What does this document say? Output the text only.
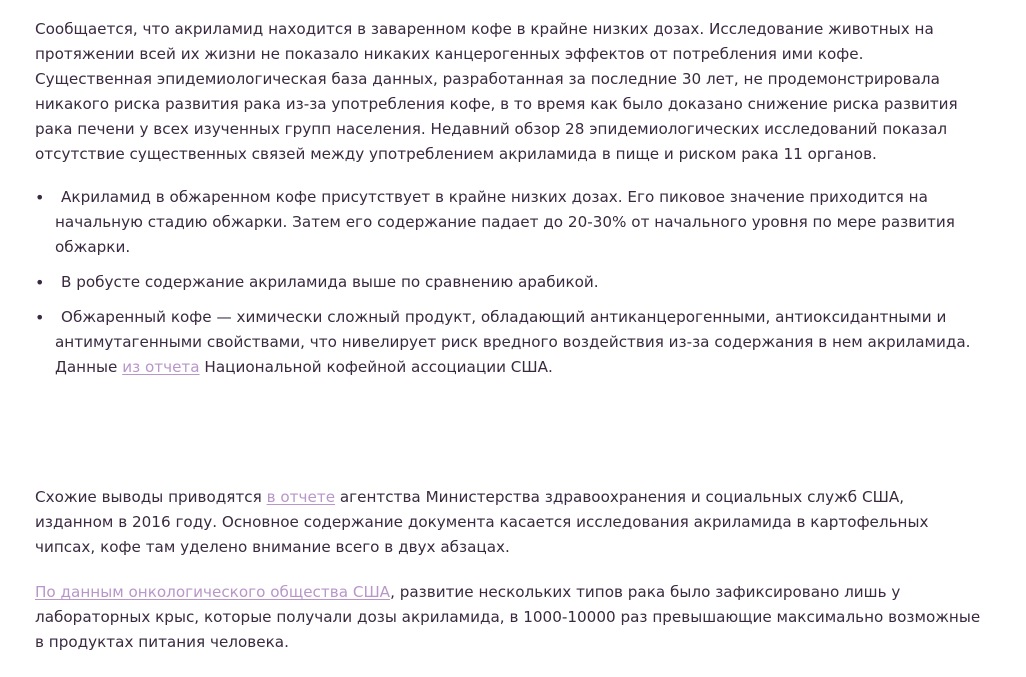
Сообщается, что акриламид находится в заваренном кофе в крайне низких дозах. Исследование животных на протяжении всей их жизни не показало никаких канцерогенных эффектов от потребления ими кофе. Существенная эпидемиологическая база данных, разработанная за последние 30 лет, не продемонстрировала никакого риска развития рака из-за употребления кофе, в то время как было доказано снижение риска развития рака печени у всех изученных групп населения. Недавний обзор 28 эпидемиологических исследований показал отсутствие существенных связей между употреблением акриламида в пище и риском рака 11 органов.

•
Акриламид в обжаренном кофе присутствует в крайне низких дозах. Его пиковое значение приходится на начальную стадию обжарки. Затем его содержание падает до 20-30% от начального уровня по мере развития обжарки.
•
В робусте содержание акриламида выше по сравнению арабикой.
•
Обжаренный кофе — химически сложный продукт, обладающий антиканцерогенными, антиоксидантными и антимутагенными свойствами, что нивелирует риск вредного воздействия из-за содержания в нем акриламида. Данные из отчета Национальной кофейной ассоциации США.

Схожие выводы приводятся в отчете агентства Министерства здравоохранения и социальных служб США, изданном в 2016 году. Основное содержание документа касается исследования акриламида в картофельных чипсах, кофе там уделено внимание всего в двух абзацах.

По данным онкологического общества США, развитие нескольких типов рака было зафиксировано лишь у лабораторных крыс, которые получали дозы акриламида, в 1000-10000 раз превышающие максимально возможные в продуктах питания человека.
